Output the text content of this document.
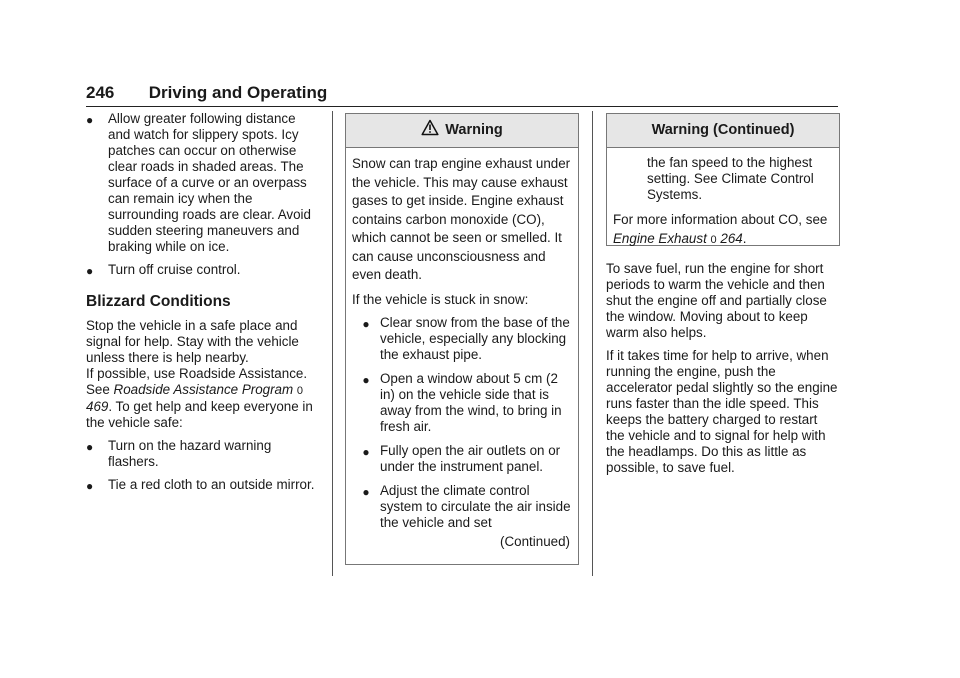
246 Driving and Operating
●	Allow greater following distance and watch for slippery spots. Icy patches can occur on otherwise clear roads in shaded areas. The surface of a curve or an overpass can remain icy when the surrounding roads are clear. Avoid sudden steering maneuvers and braking while on ice.
●	Turn off cruise control.
Blizzard Conditions

Stop the vehicle in a safe place and signal for help. Stay with the vehicle unless there is help nearby.

If possible, use Roadside Assistance. See Roadside Assistance Program 0 469. To get help and keep everyone in the vehicle safe:

●	Turn on the hazard warning flashers.
●	Tie a red cloth to an outside mirror.
Warning

Snow can trap engine exhaust under the vehicle. This may cause exhaust gases to get inside. Engine exhaust contains carbon monoxide (CO), which cannot be seen or smelled. It can cause unconsciousness and even death.

If the vehicle is stuck in snow:

● Clear snow from the base of the vehicle, especially any blocking the exhaust pipe.
● Open a window about 5 cm (2 in) on the vehicle side that is away from the wind, to bring in fresh air.
● Fully open the air outlets on or under the instrument panel.
● Adjust the climate control system to circulate the air inside the vehicle and set
(Continued)
Warning (Continued)
the fan speed to the highest setting. See Climate Control Systems.

For more information about CO, see Engine Exhaust 0 264.

To save fuel, run the engine for short periods to warm the vehicle and then shut the engine off and partially close the window. Moving about to keep warm also helps.

If it takes time for help to arrive, when running the engine, push the accelerator pedal slightly so the engine runs faster than the idle speed. This keeps the battery charged to restart the vehicle and to signal for help with the headlamps. Do this as little as possible, to save fuel.
